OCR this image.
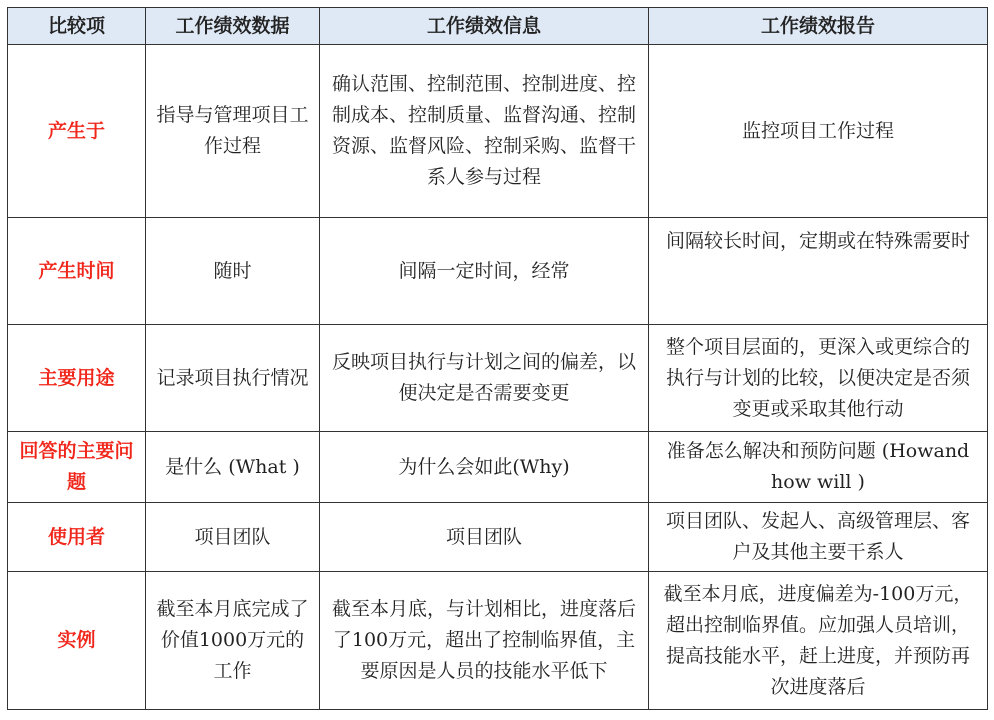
比较项	工作绩效数据	工作绩效信息	工作绩效报告
产生于	指导与管理项目工作过程	确认范围、控制范围、控制进度、控制成本、控制质量、监督沟通、控制资源、监督风险、控制采购、监督干系人参与过程	监控项目工作过程
产生时间	随时	间隔一定时间，经常	间隔较长时间，定期或在特殊需要时
主要用途	记录项目执行情况	反映项目执行与计划之间的偏差，以便决定是否需要变更	整个项目层面的，更深入或更综合的执行与计划的比较，以便决定是否须变更或采取其他行动
回答的主要问题	是什么 (What )	为什么会如此(Why)	准备怎么解决和预防问题 (Howand how will )
使用者	项目团队	项目团队	项目团队、发起人、高级管理层、客户及其他主要干系人
实例	截至本月底完成了价值1000万元的工作	截至本月底，与计划相比，进度落后了100万元，超出了控制临界值，主要原因是人员的技能水平低下	截至本月底，进度偏差为-100万元，超出控制临界值。应加强人员培训，提高技能水平，赶上进度，并预防再次进度落后
